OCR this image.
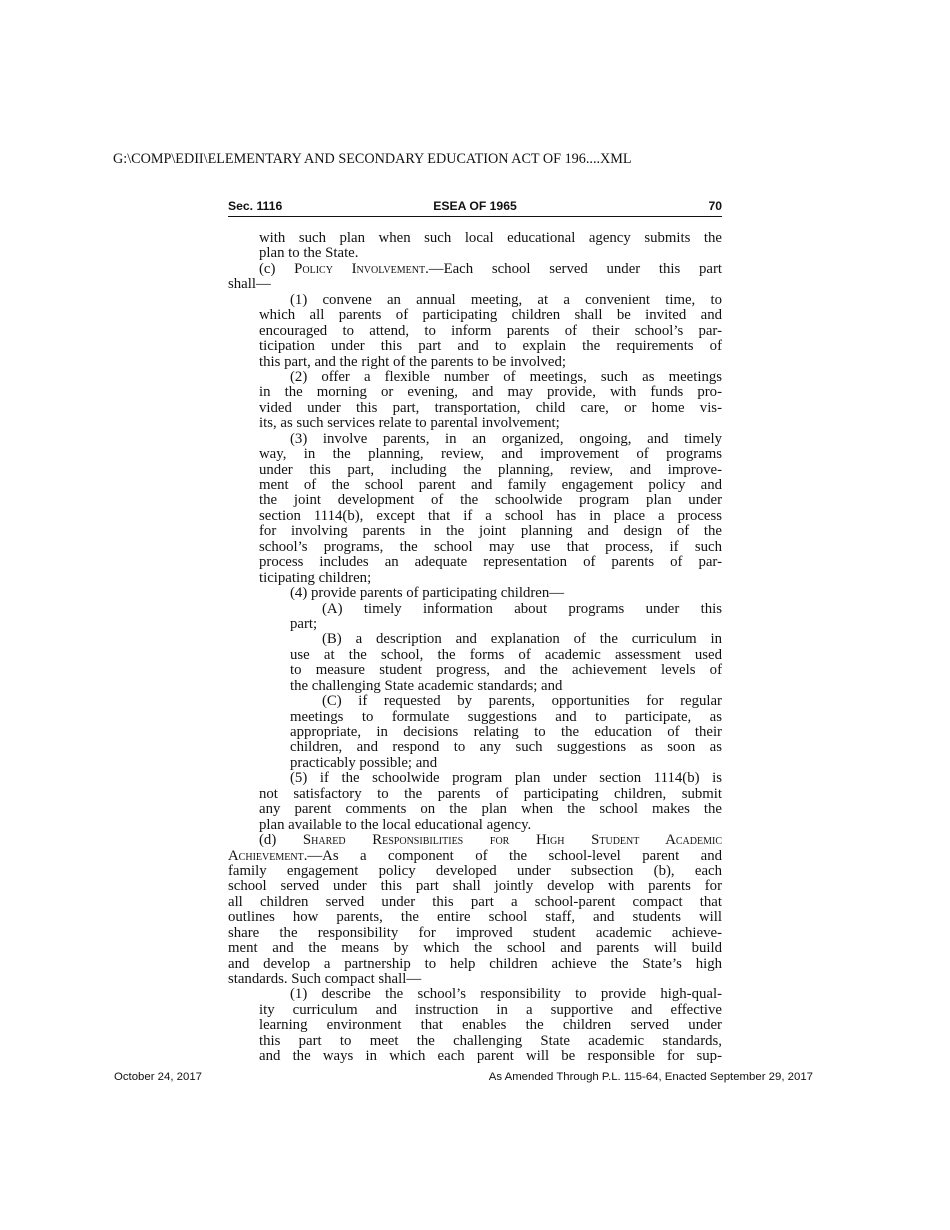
G:\COMP\EDII\ELEMENTARY AND SECONDARY EDUCATION ACT OF 196....XML
ESEA OF 1965
Sec. 1116	70
with such plan when such local educational agency submits the
plan to the State.
(c) Policy Involvement.—Each school served under this part
shall—
(1) convene an annual meeting, at a convenient time, to
which all parents of participating children shall be invited and
encouraged to attend, to inform parents of their school’s par-
ticipation under this part and to explain the requirements of
this part, and the right of the parents to be involved;
(2) offer a flexible number of meetings, such as meetings
in the morning or evening, and may provide, with funds pro-
vided under this part, transportation, child care, or home vis-
its, as such services relate to parental involvement;
(3) involve parents, in an organized, ongoing, and timely
way, in the planning, review, and improvement of programs
under this part, including the planning, review, and improve-
ment of the school parent and family engagement policy and
the joint development of the schoolwide program plan under
section 1114(b), except that if a school has in place a process
for involving parents in the joint planning and design of the
school’s programs, the school may use that process, if such
process includes an adequate representation of parents of par-
ticipating children;
(4) provide parents of participating children—
(A) timely information about programs under this
part;
(B) a description and explanation of the curriculum in
use at the school, the forms of academic assessment used
to measure student progress, and the achievement levels of
the challenging State academic standards; and
(C) if requested by parents, opportunities for regular
meetings to formulate suggestions and to participate, as
appropriate, in decisions relating to the education of their
children, and respond to any such suggestions as soon as
practicably possible; and
(5) if the schoolwide program plan under section 1114(b) is
not satisfactory to the parents of participating children, submit
any parent comments on the plan when the school makes the
plan available to the local educational agency.
(d) Shared Responsibilities for High Student Academic
Achievement.—As a component of the school-level parent and
family engagement policy developed under subsection (b), each
school served under this part shall jointly develop with parents for
all children served under this part a school-parent compact that
outlines how parents, the entire school staff, and students will
share the responsibility for improved student academic achieve-
ment and the means by which the school and parents will build
and develop a partnership to help children achieve the State’s high
standards. Such compact shall—
(1) describe the school’s responsibility to provide high-qual-
ity curriculum and instruction in a supportive and effective
learning environment that enables the children served under
this part to meet the challenging State academic standards,
and the ways in which each parent will be responsible for sup-
October 24, 2017	As Amended Through P.L. 115-64, Enacted September 29, 2017
